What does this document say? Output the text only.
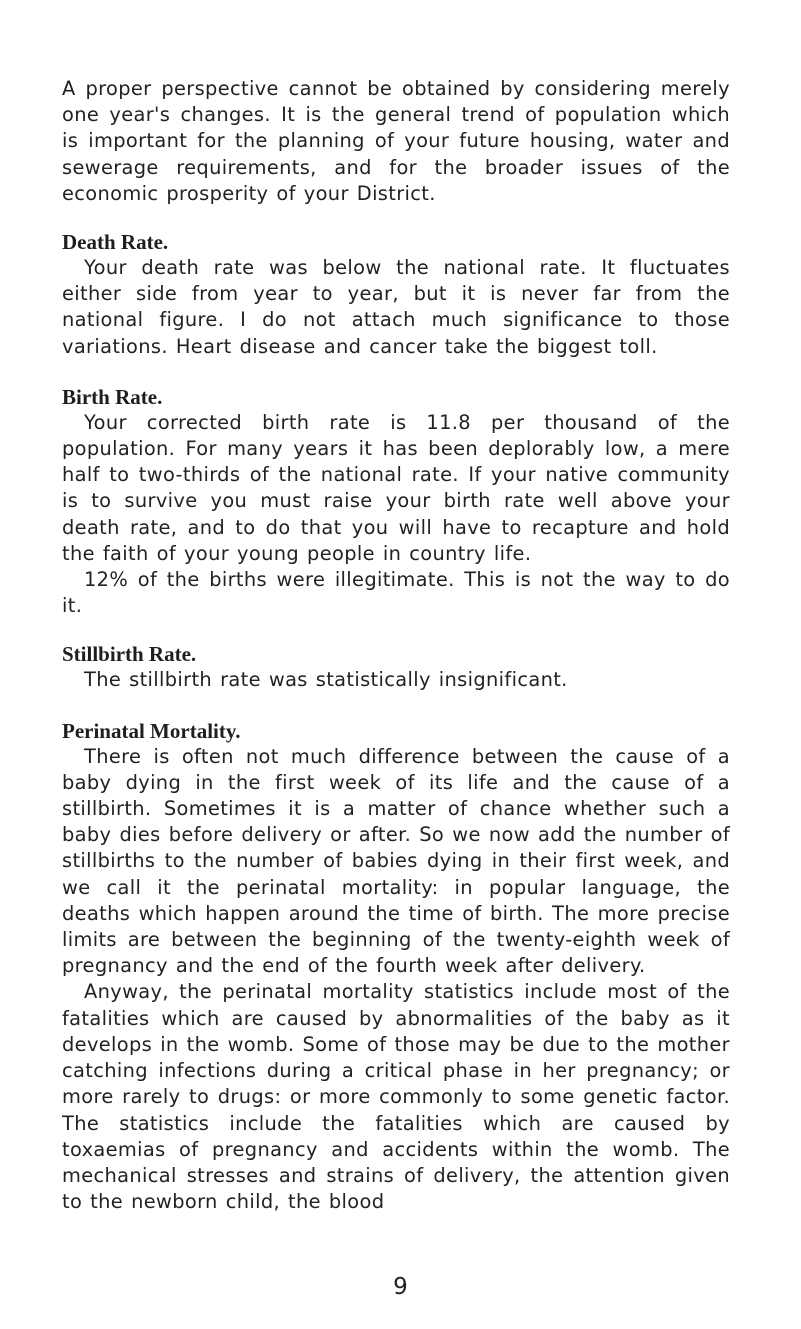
A proper perspective cannot be obtained by considering merely one year's changes. It is the general trend of population which is important for the planning of your future housing, water and sewerage requirements, and for the broader issues of the economic prosperity of your District.

Death Rate.

Your death rate was below the national rate. It fluctuates either side from year to year, but it is never far from the national figure. I do not attach much significance to those variations. Heart disease and cancer take the biggest toll.

Birth Rate.

Your corrected birth rate is 11.8 per thousand of the population. For many years it has been deplorably low, a mere half to two-thirds of the national rate. If your native community is to survive you must raise your birth rate well above your death rate, and to do that you will have to recapture and hold the faith of your young people in country life.

12% of the births were illegitimate. This is not the way to do it.

Stillbirth Rate.

The stillbirth rate was statistically insignificant.

Perinatal Mortality.

There is often not much difference between the cause of a baby dying in the first week of its life and the cause of a stillbirth. Sometimes it is a matter of chance whether such a baby dies before delivery or after. So we now add the number of stillbirths to the number of babies dying in their first week, and we call it the perinatal mortality: in popular language, the deaths which happen around the time of birth. The more precise limits are between the beginning of the twenty-eighth week of pregnancy and the end of the fourth week after delivery.

Anyway, the perinatal mortality statistics include most of the fatalities which are caused by abnormalities of the baby as it develops in the womb. Some of those may be due to the mother catching infections during a critical phase in her pregnancy; or more rarely to drugs: or more commonly to some genetic factor. The statistics include the fatalities which are caused by toxaemias of pregnancy and accidents within the womb. The mechanical stresses and strains of delivery, the attention given to the newborn child, the blood

9
